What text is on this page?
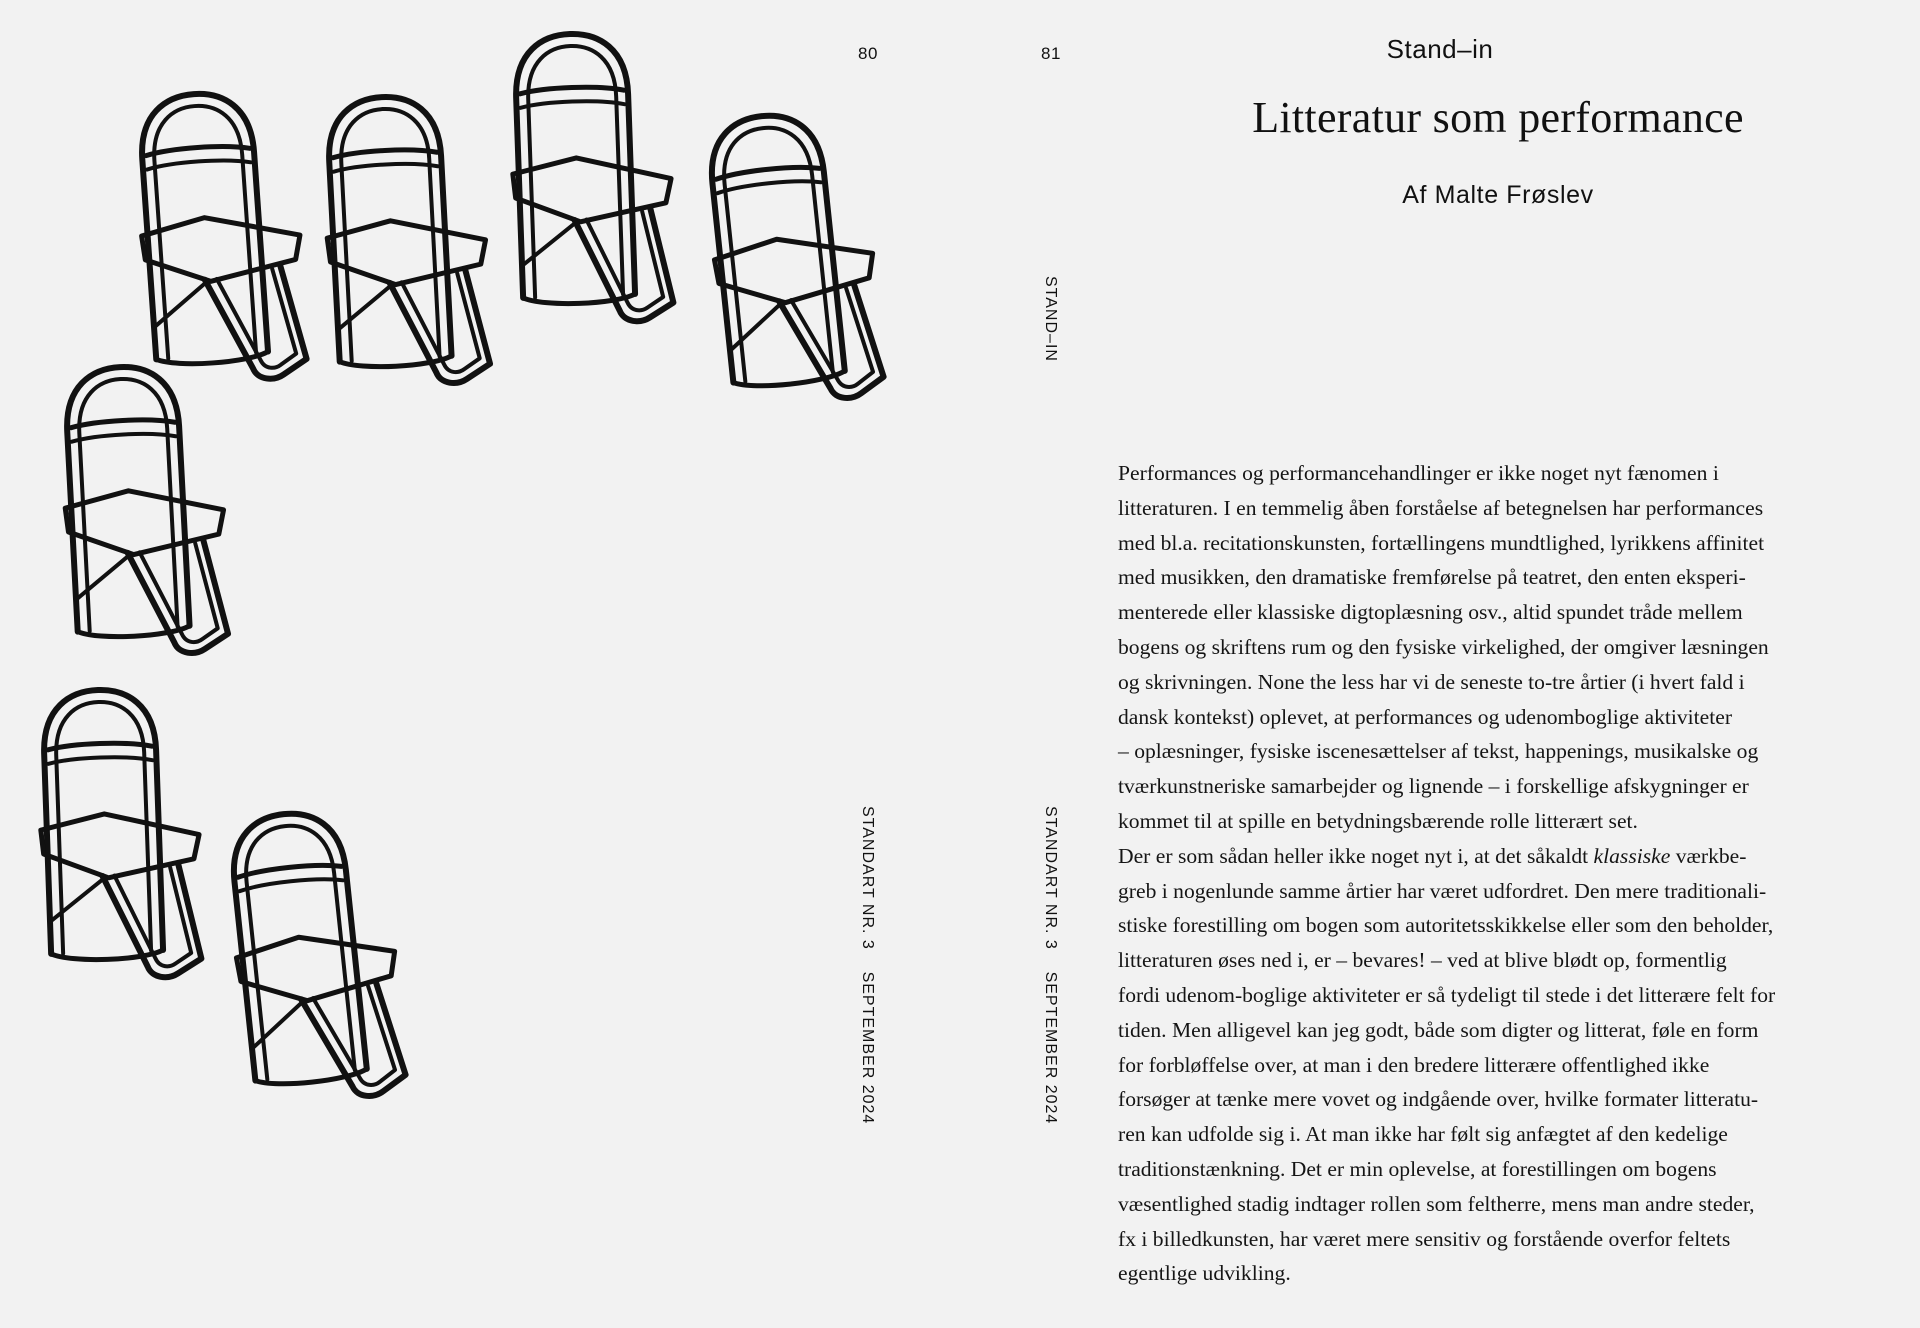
80
STANDART NR. 3    SEPTEMBER 2024
81
STAND–IN
STANDART NR. 3    SEPTEMBER 2024
Stand–in
Litteratur som performance
Af Malte Frøslev

Performances og performancehandlinger er ikke noget nyt fænomen i

litteraturen. I en temmelig åben forståelse af betegnelsen har performances

med bl.a. recitationskunsten, fortællingens mundtlighed, lyrikkens affinitet

med musikken, den dramatiske fremførelse på teatret, den enten eksperi-

menterede eller klassiske digtoplæsning osv., altid spundet tråde mellem

bogens og skriftens rum og den fysiske virkelighed, der omgiver læsningen

og skrivningen. None the less har vi de seneste to-tre årtier (i hvert fald i

dansk kontekst) oplevet, at performances og udenomboglige aktiviteter

– oplæsninger, fysiske iscenesættelser af tekst, happenings, musikalske og

tværkunstneriske samarbejder og lignende – i forskellige afskygninger er

kommet til at spille en betydningsbærende rolle litterært set.

Der er som sådan heller ikke noget nyt i, at det såkaldt klassiske værkbe-

greb i nogenlunde samme årtier har været udfordret. Den mere traditionali-

stiske forestilling om bogen som autoritetsskikkelse eller som den beholder,

litteraturen øses ned i, er – bevares! – ved at blive blødt op, formentlig

fordi udenom-boglige aktiviteter er så tydeligt til stede i det litterære felt for

tiden. Men alligevel kan jeg godt, både som digter og litterat, føle en form

for forbløffelse over, at man i den bredere litterære offentlighed ikke

forsøger at tænke mere vovet og indgående over, hvilke formater litteratu-

ren kan udfolde sig i. At man ikke har følt sig anfægtet af den kedelige

traditionstænkning. Det er min oplevelse, at forestillingen om bogens

væsentlighed stadig indtager rollen som feltherre, mens man andre steder,

fx i billedkunsten, har været mere sensitiv og forstående overfor feltets

egentlige udvikling.
